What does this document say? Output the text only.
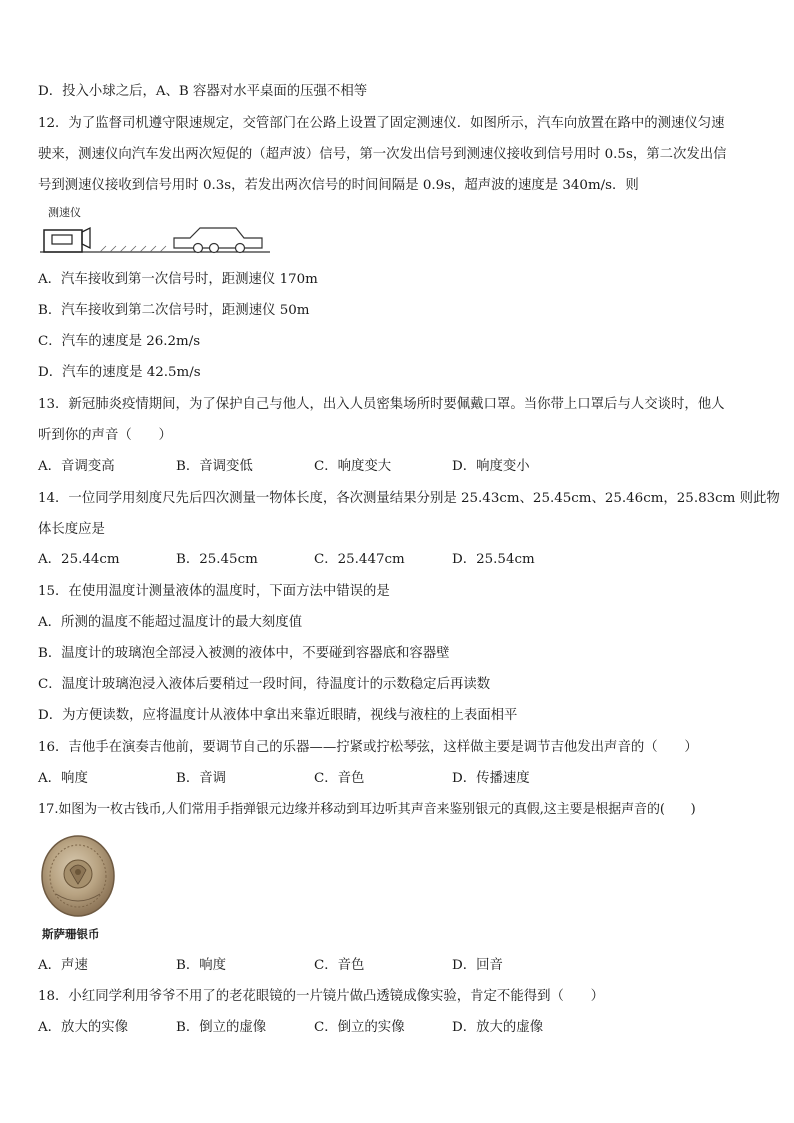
D．投入小球之后，A、B 容器对水平桌面的压强不相等
12．为了监督司机遵守限速规定，交管部门在公路上设置了固定测速仪．如图所示，汽车向放置在路中的测速仪匀速
驶来，测速仪向汽车发出两次短促的（超声波）信号，第一次发出信号到测速仪接收到信号用时 0.5s，第二次发出信
号到测速仪接收到信号用时 0.3s，若发出两次信号的时间间隔是 0.9s，超声波的速度是 340m/s．则
测速仪
A．汽车接收到第一次信号时，距测速仪 170m
B．汽车接收到第二次信号时，距测速仪 50m
C．汽车的速度是 26.2m/s
D．汽车的速度是 42.5m/s
13．新冠肺炎疫情期间，为了保护自己与他人，出入人员密集场所时要佩戴口罩。当你带上口罩后与人交谈时，他人
听到你的声音（　　）
A．音调变高	B．音调变低	C．响度变大	D．响度变小
14．一位同学用刻度尺先后四次测量一物体长度，各次测量结果分别是 25.43cm、25.45cm、25.46cm，25.83cm 则此物
体长度应是
A．25.44cm	B．25.45cm	C．25.447cm	D．25.54cm
15．在使用温度计测量液体的温度时，下面方法中错误的是
A．所测的温度不能超过温度计的最大刻度值
B．温度计的玻璃泡全部浸入被测的液体中，不要碰到容器底和容器壁
C．温度计玻璃泡浸入液体后要稍过一段时间，待温度计的示数稳定后再读数
D．为方便读数，应将温度计从液体中拿出来靠近眼睛，视线与液柱的上表面相平
16．吉他手在演奏吉他前，要调节自己的乐器——拧紧或拧松琴弦，这样做主要是调节吉他发出声音的（　　）
A．响度	B．音调	C．音色	D．传播速度
17.如图为一枚古钱币,人们常用手指弹银元边缘并移动到耳边听其声音来鉴别银元的真假,这主要是根据声音的(　　)
斯萨珊银币
A．声速	B．响度	C．音色	D．回音
18．小红同学利用爷爷不用了的老花眼镜的一片镜片做凸透镜成像实验，肯定不能得到（　　）
A．放大的实像	B．倒立的虚像	C．倒立的实像	D．放大的虚像
